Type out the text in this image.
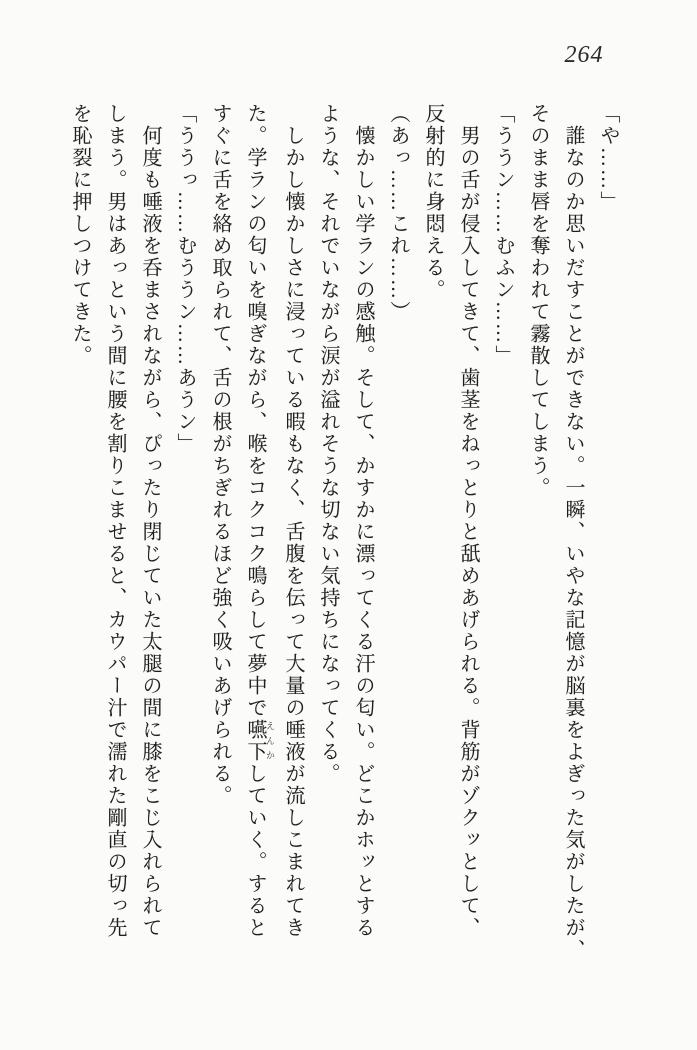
264

「や……」

　誰なのか思いだすことができない。一瞬、いやな記憶が脳裏をよぎった気がしたが、

そのまま唇を奪われて霧散してしまう。

「ううン……むふン……」

　男の舌が侵入してきて、歯茎をねっとりと舐めあげられる。背筋がゾクッとして、

反射的に身悶える。

（あっ……これ……）

　懐かしい学ランの感触。そして、かすかに漂ってくる汗の匂い。どこかホッとする

ような、それでいながら涙が溢れそうな切ない気持ちになってくる。

　しかし懐かしさに浸っている暇もなく、舌腹を伝って大量の唾液が流しこまれてき

た。学ランの匂いを嗅ぎながら、喉をコクコク鳴らして夢中で嚥下 えんかしていく。すると

すぐに舌を絡め取られて、舌の根がちぎれるほど強く吸いあげられる。

「ううっ……むううン……あうン」

　何度も唾液を呑まされながら、ぴったり閉じていた太腿の間に膝をこじ入れられて

しまう。男はあっという間に腰を割りこませると、カウパー汁で濡れた剛直の切っ先

を恥裂に押しつけてきた。
